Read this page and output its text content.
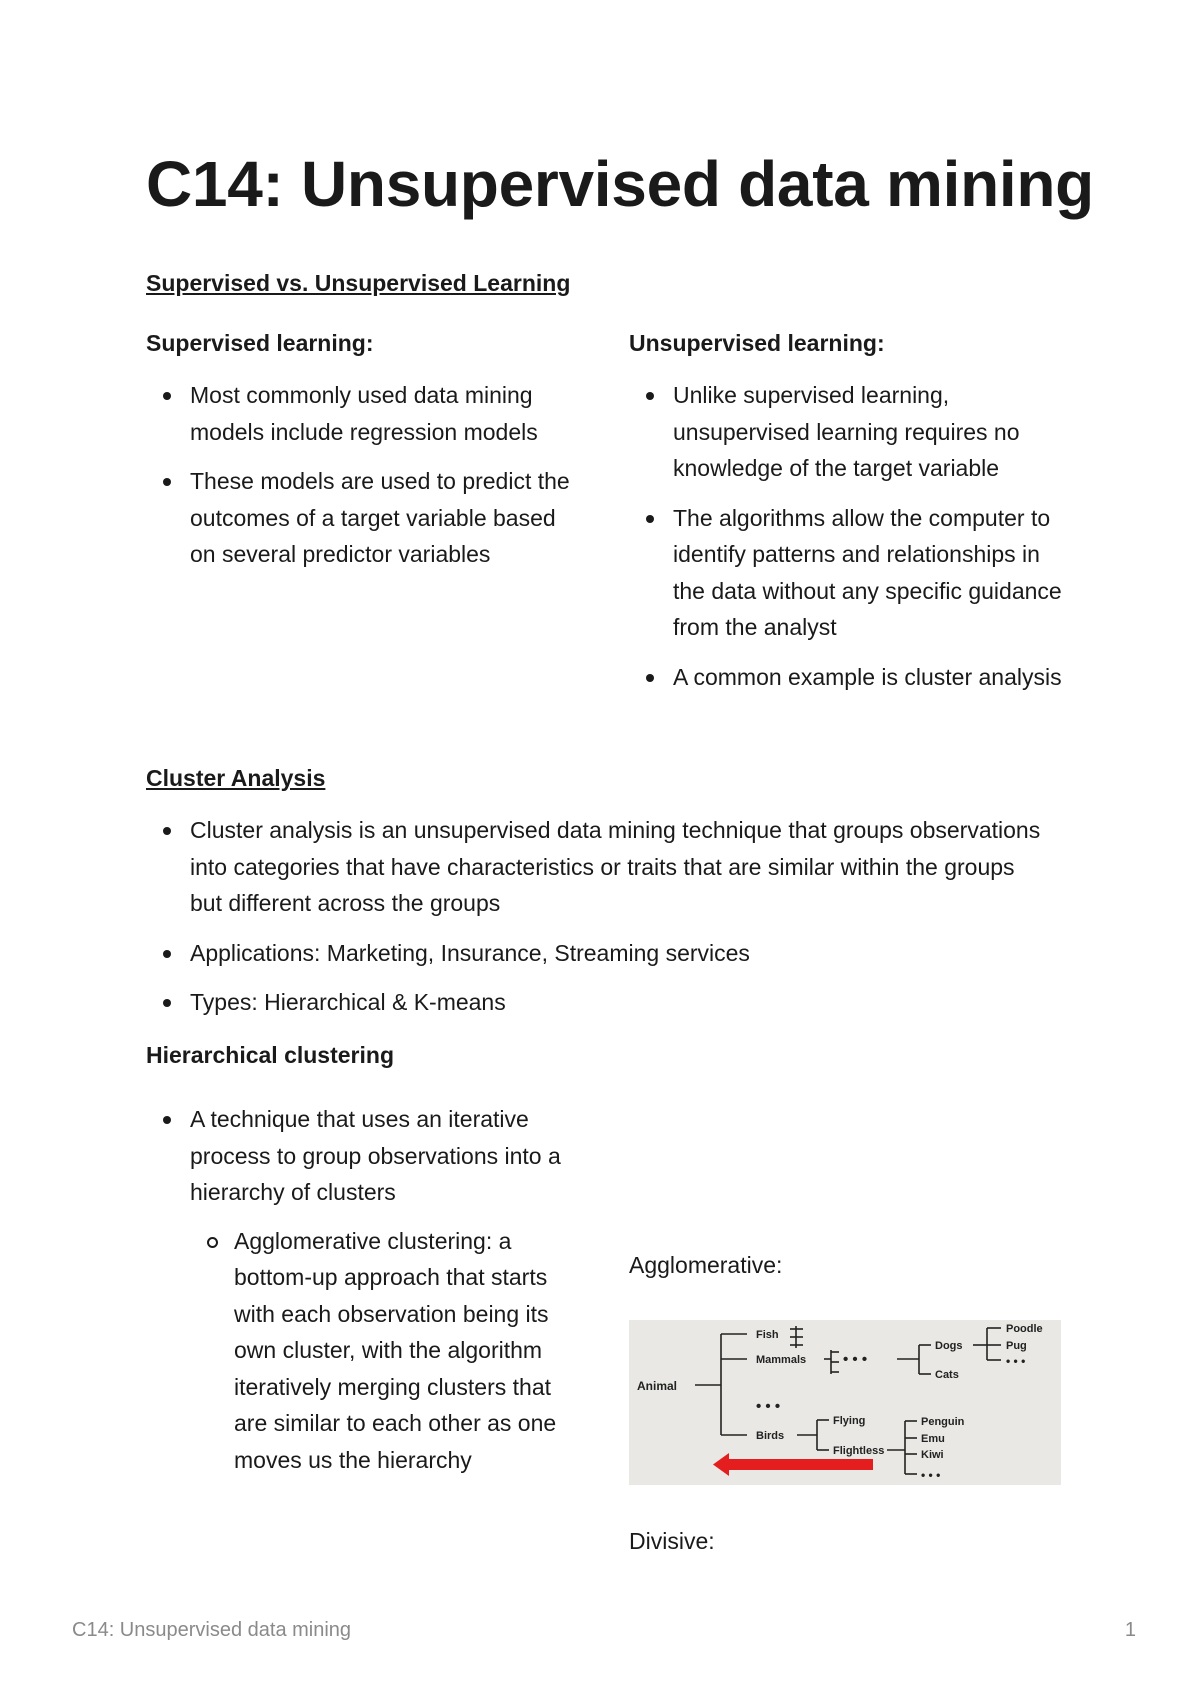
C14: Unsupervised data mining
Supervised vs. Unsupervised Learning
Supervised learning:
Most commonly used data mining models include regression models
These models are used to predict the outcomes of a target variable based on several predictor variables
Unsupervised learning:
Unlike supervised learning, unsupervised learning requires no knowledge of the target variable
The algorithms allow the computer to identify patterns and relationships in the data without any specific guidance from the analyst
A common example is cluster analysis
Cluster Analysis
Cluster analysis is an unsupervised data mining technique that groups observations into categories that have characteristics or traits that are similar within the groups but different across the groups
Applications: Marketing, Insurance, Streaming services
Types: Hierarchical & K-means
Hierarchical clustering
A technique that uses an iterative process to group observations into a hierarchy of clusters
Agglomerative clustering: a bottom-up approach that starts with each observation being its own cluster, with the algorithm iteratively merging clusters that are similar to each other as one moves us the hierarchy

Agglomerative:

Animal
Fish
Mammals • • •
Dogs
Cats
Poodle
Pug
• • •
• • •
Birds
Flying
Flightless
Penguin
Emu
Kiwi
• • •

Divisive:

C14: Unsupervised data mining	1
